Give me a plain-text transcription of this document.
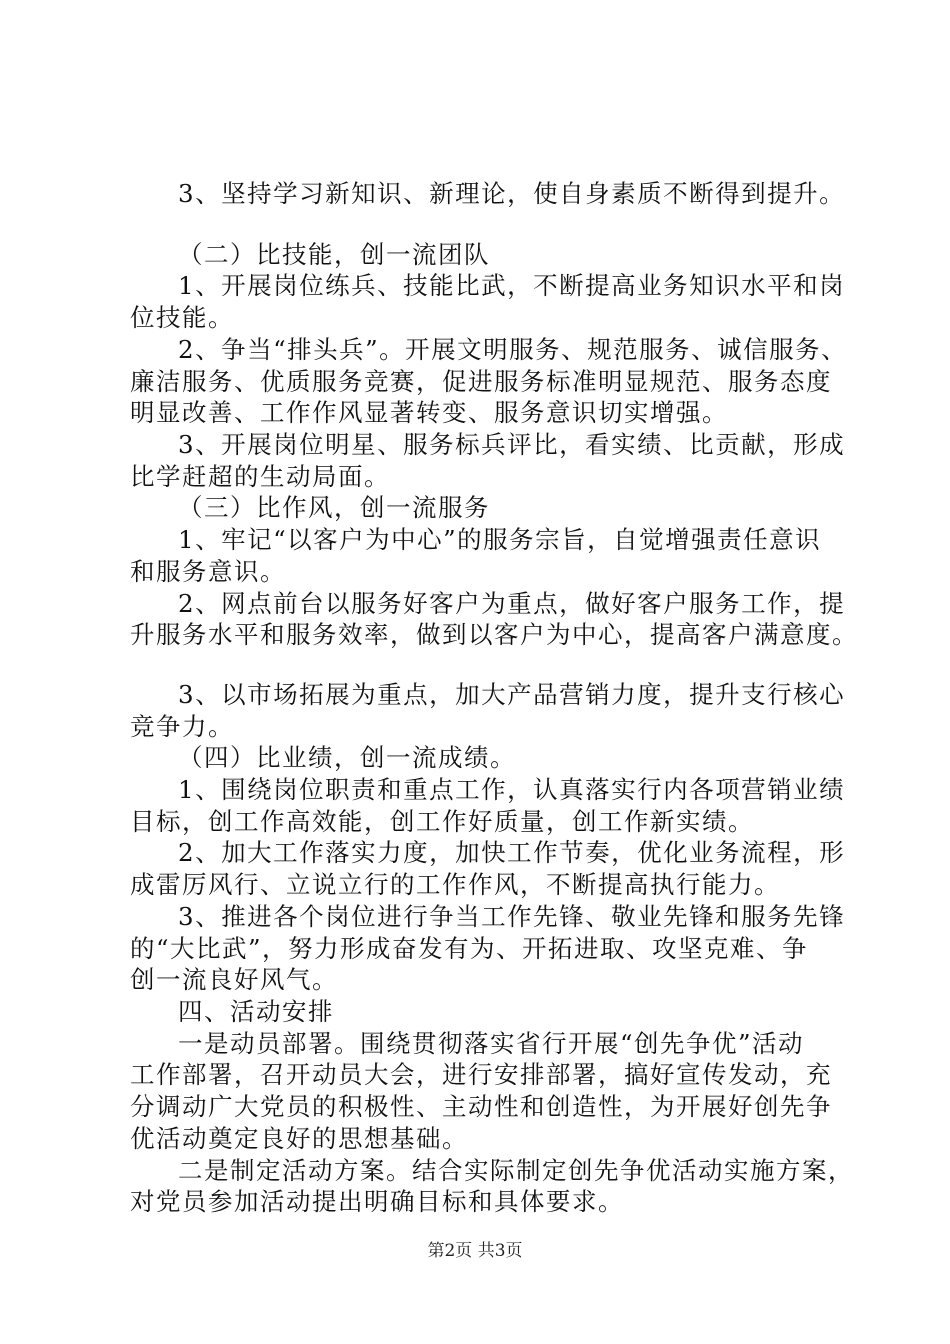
3、坚持学习新知识、新理论，使自身素质不断得到提升。
（二）比技能，创一流团队
1、开展岗位练兵、技能比武，不断提高业务知识水平和岗
位技能。
2、争当“排头兵”。开展文明服务、规范服务、诚信服务、
廉洁服务、优质服务竞赛，促进服务标准明显规范、服务态度
明显改善、工作作风显著转变、服务意识切实增强。
3、开展岗位明星、服务标兵评比，看实绩、比贡献，形成
比学赶超的生动局面。
（三）比作风，创一流服务
1、牢记“以客户为中心”的服务宗旨，自觉增强责任意识
和服务意识。
2、网点前台以服务好客户为重点，做好客户服务工作，提
升服务水平和服务效率，做到以客户为中心，提高客户满意度。
3、以市场拓展为重点，加大产品营销力度，提升支行核心
竞争力。
（四）比业绩，创一流成绩。
1、围绕岗位职责和重点工作，认真落实行内各项营销业绩
目标，创工作高效能，创工作好质量，创工作新实绩。
2、加大工作落实力度，加快工作节奏，优化业务流程，形
成雷厉风行、立说立行的工作作风，不断提高执行能力。
3、推进各个岗位进行争当工作先锋、敬业先锋和服务先锋
的“大比武”，努力形成奋发有为、开拓进取、攻坚克难、争
创一流良好风气。
四、活动安排
一是动员部署。围绕贯彻落实省行开展“创先争优”活动
工作部署，召开动员大会，进行安排部署，搞好宣传发动，充
分调动广大党员的积极性、主动性和创造性，为开展好创先争
优活动奠定良好的思想基础。
二是制定活动方案。结合实际制定创先争优活动实施方案，
对党员参加活动提出明确目标和具体要求。
第2页 共3页
